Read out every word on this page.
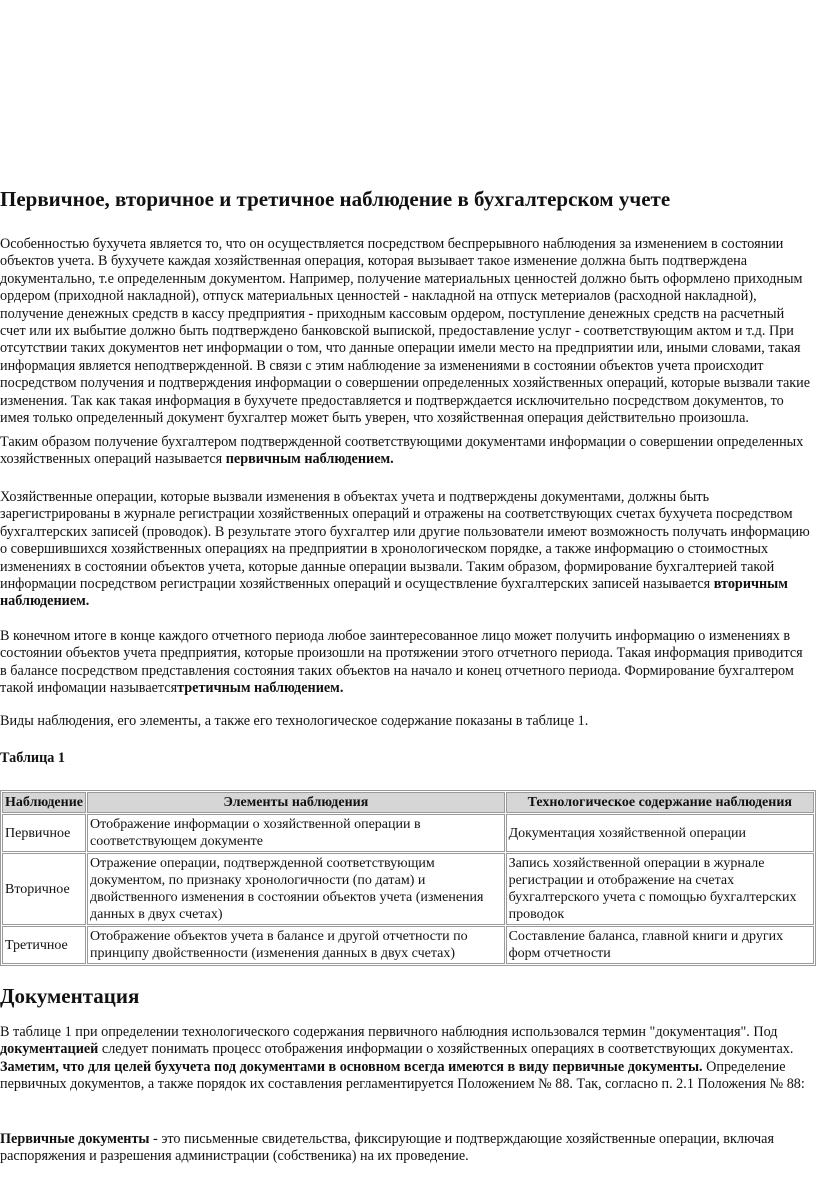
Первичное, вторичное и третичное наблюдение в бухгалтерском учете

Особенностью бухучета является то, что он осуществляется посредством беспрерывного наблюдения за изменением в состоянии объектов учета. В бухучете каждая хозяйственная операция, которая вызывает такое изменение должна быть подтверждена документально, т.е определенным документом. Например, получение материальных ценностей должно быть оформлено приходным ордером (приходной накладной), отпуск материальных ценностей - накладной на отпуск метериалов (расходной накладной), получение денежных средств в кассу предприятия - приходным кассовым ордером, поступление денежных средств на расчетный счет или их выбытие должно быть подтверждено банковской выпиской, предоставление услуг - соответствующим актом и т.д. При отсутствии таких документов нет информации о том, что данные операции имели место на предприятии или, иными словами, такая информация является неподтвержденной. В связи с этим наблюдение за изменениями в состоянии объектов учета происходит посредством получения и подтверждения информации о совершении определенных хозяйственных операций, которые вызвали такие изменения. Так как такая информация в бухучете предоставляется и подтверждается исключительно посредством документов, то имея только определенный документ бухгалтер может быть уверен, что хозяйственная операция действительно произошла.

Таким образом получение бухгалтером подтвержденной соответствующими документами информации о совершении определенных хозяйственных операций называется первичным наблюдением.

Хозяйственные операции, которые вызвали изменения в объектах учета и подтверждены документами, должны быть зарегистрированы в журнале регистрации хозяйственных операций и отражены на соответствующих счетах бухучета посредством бухгалтерских записей (проводок). В результате этого бухгалтер или другие пользователи имеют возможность получать информацию о совершившихся хозяйственных операциях на предприятии в хронологическом порядке, а также информацию о стоимостных изменениях в состоянии объектов учета, которые данные операции вызвали. Таким образом, формирование бухгалтерией такой информации посредством регистрации хозяйственных операций и осуществление бухгалтерских записей называется вторичным наблюдением.

В конечном итоге в конце каждого отчетного периода любое заинтересованное лицо может получить информацию о изменениях в состоянии объектов учета предприятия, которые произошли на протяжении этого отчетного периода. Такая информация приводится в балансе посредством представления состояния таких объектов на начало и конец отчетного периода. Формирование бухгалтером такой инфомации называетсятретичным наблюдением.

Виды наблюдения, его элементы, а также его технологическое содержание показаны в таблице 1.

Таблица 1

Наблюдение	Элементы наблюдения	Технологическое содержание наблюдения
Первичное	Отображение информации о хозяйственной операции в соответствующем документе	Документация хозяйственной операции
Вторичное	Отражение операции, подтвержденной соответствующим документом, по признаку хронологичности (по датам) и двойственного изменения в состоянии объектов учета (изменения данных в двух счетах)	Запись хозяйственной операции в журнале регистрации и отображение на счетах бухгалтерского учета с помощью бухгалтерских проводок
Третичное	Отображение объектов учета в балансе и другой отчетности по принципу двойственности (изменения данных в двух счетах)	Составление баланса, главной книги и других форм отчетности
Документация

В таблице 1 при определении технологического содержания первичного наблюдния использовался термин "документация". Под документацией следует понимать процесс отображения информации о хозяйственных операциях в соответствующих документах. Заметим, что для целей бухучета под документами в основном всегда имеются в виду первичные документы. Определение первичных документов, а также порядок их составления регламентируется Положением № 88. Так, согласно п. 2.1 Положения № 88:

Первичные документы - это письменные свидетельства, фиксирующие и подтверждающие хозяйственные операции, включая распоряжения и разрешения администрации (собственика) на их проведение.
